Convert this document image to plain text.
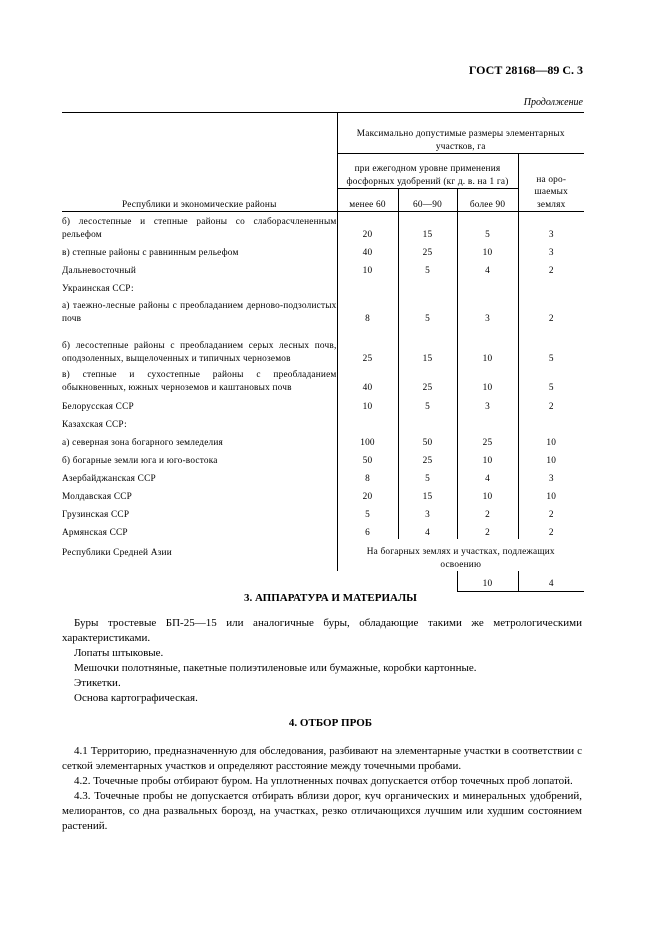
ГОСТ 28168—89 С. 3
Продолжение
Республики и экономические районы	Максимально допустимые размеры элементарных участков, га			
	при ежегодном уровне применения фосфорных удобрений (кг д. в. на 1 га)			на оро-шаемых землях
	менее 60	60—90	более 90	
б) лесостепные и степные районы со слаборасчлененным рельефом	20	15	5	3
в) степные районы с равнинным рельефом	40	25	10	3
Дальневосточный	10	5	4	2
Украинская ССР:				
а) таежно-лесные районы с преобладанием дерново-подзолистых почв	8	5	3	2
б) лесостепные районы с преобладанием серых лесных почв, оподзоленных, выщелоченных и типичных черноземов	25	15	10	5
в) степные и сухостепные районы с преобладанием обыкновенных, южных черноземов и каштановых почв	40	25	10	5
Белорусская ССР	10	5	3	2
Казахская ССР:				
а) северная зона богарного земледелия	100	50	25	10
б) богарные земли юга и юго-востока	50	25	10	10
Азербайджанская ССР	8	5	4	3
Молдавская ССР	20	15	10	10
Грузинская ССР	5	3	2	2
Армянская ССР	6	4	2	2
Республики Средней Азии	На богарных землях и участках, подлежащих освоению			
			10	4
3. АППАРАТУРА И МАТЕРИАЛЫ

Буры тростевые БП-25—15 или аналогичные буры, обладающие такими же метрологическими характеристиками.

Лопаты штыковые.

Мешочки полотняные, пакетные полиэтиленовые или бумажные, коробки картонные.

Этикетки.

Основа картографическая.

4. ОТБОР ПРОБ

4.1 Территорию, предназначенную для обследования, разбивают на элементарные участки в соответствии с сеткой элементарных участков и определяют расстояние между точечными пробами.

4.2. Точечные пробы отбирают буром. На уплотненных почвах допускается отбор точечных проб лопатой.

4.3. Точечные пробы не допускается отбирать вблизи дорог, куч органических и минеральных удобрений, мелиорантов, со дна развальных борозд, на участках, резко отличающихся лучшим или худшим состоянием растений.
